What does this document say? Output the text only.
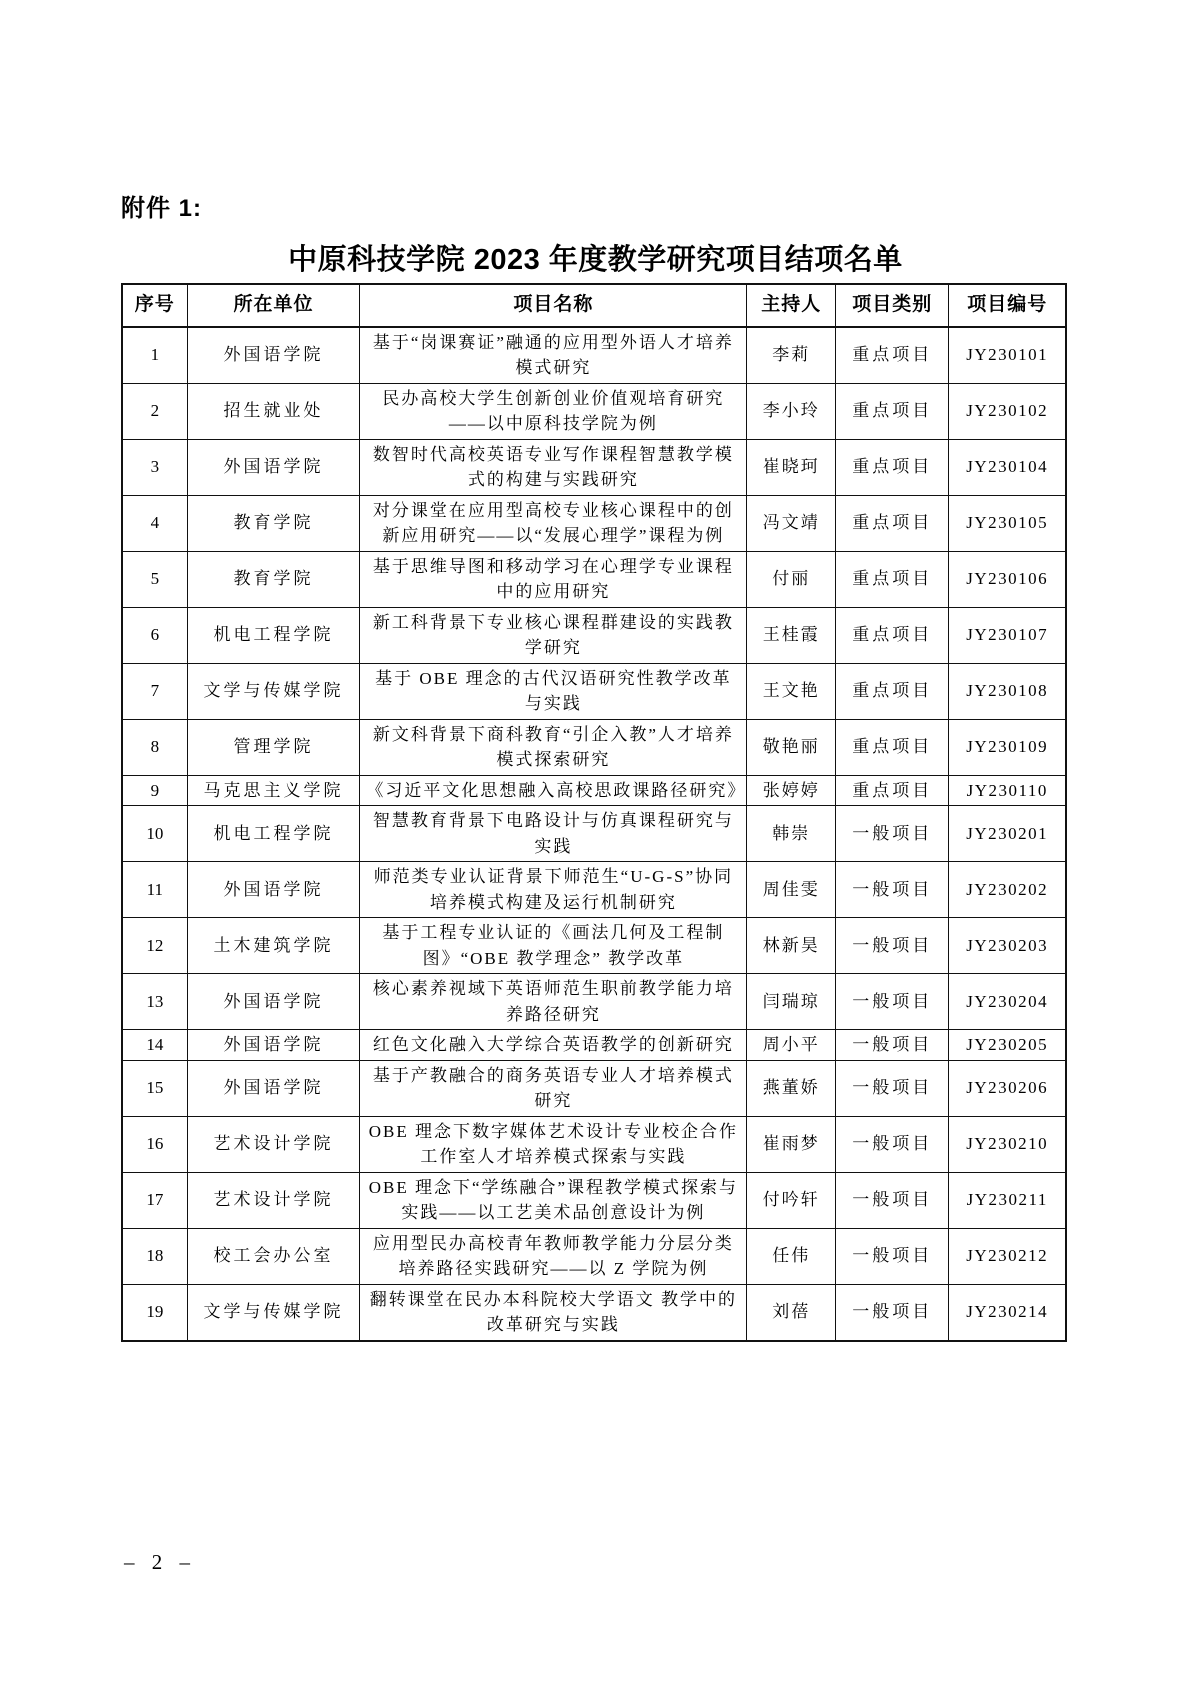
附件 1:
中原科技学院 2023 年度教学研究项目结项名单
序号	所在单位	项目名称	主持人	项目类别	项目编号
1	外国语学院	基于“岗课赛证”融通的应用型外语人才培养模式研究	李莉	重点项目	JY230101
2	招生就业处	民办高校大学生创新创业价值观培育研究——以中原科技学院为例	李小玲	重点项目	JY230102
3	外国语学院	数智时代高校英语专业写作课程智慧教学模式的构建与实践研究	崔晓珂	重点项目	JY230104
4	教育学院	对分课堂在应用型高校专业核心课程中的创新应用研究——以“发展心理学”课程为例	冯文靖	重点项目	JY230105
5	教育学院	基于思维导图和移动学习在心理学专业课程中的应用研究	付丽	重点项目	JY230106
6	机电工程学院	新工科背景下专业核心课程群建设的实践教学研究	王桂霞	重点项目	JY230107
7	文学与传媒学院	基于 OBE 理念的古代汉语研究性教学改革与实践	王文艳	重点项目	JY230108
8	管理学院	新文科背景下商科教育“引企入教”人才培养模式探索研究	敬艳丽	重点项目	JY230109
9	马克思主义学院	《习近平文化思想融入高校思政课路径研究》	张婷婷	重点项目	JY230110
10	机电工程学院	智慧教育背景下电路设计与仿真课程研究与实践	韩崇	一般项目	JY230201
11	外国语学院	师范类专业认证背景下师范生“U-G-S”协同培养模式构建及运行机制研究	周佳雯	一般项目	JY230202
12	土木建筑学院	基于工程专业认证的《画法几何及工程制图》“OBE 教学理念” 教学改革	林新昊	一般项目	JY230203
13	外国语学院	核心素养视域下英语师范生职前教学能力培养路径研究	闫瑞琼	一般项目	JY230204
14	外国语学院	红色文化融入大学综合英语教学的创新研究	周小平	一般项目	JY230205
15	外国语学院	基于产教融合的商务英语专业人才培养模式研究	燕董娇	一般项目	JY230206
16	艺术设计学院	OBE 理念下数字媒体艺术设计专业校企合作工作室人才培养模式探索与实践	崔雨梦	一般项目	JY230210
17	艺术设计学院	OBE 理念下“学练融合”课程教学模式探索与实践——以工艺美术品创意设计为例	付吟轩	一般项目	JY230211
18	校工会办公室	应用型民办高校青年教师教学能力分层分类培养路径实践研究——以 Z 学院为例	任伟	一般项目	JY230212
19	文学与传媒学院	翻转课堂在民办本科院校大学语文 教学中的改革研究与实践	刘蓓	一般项目	JY230214
– 2 –
